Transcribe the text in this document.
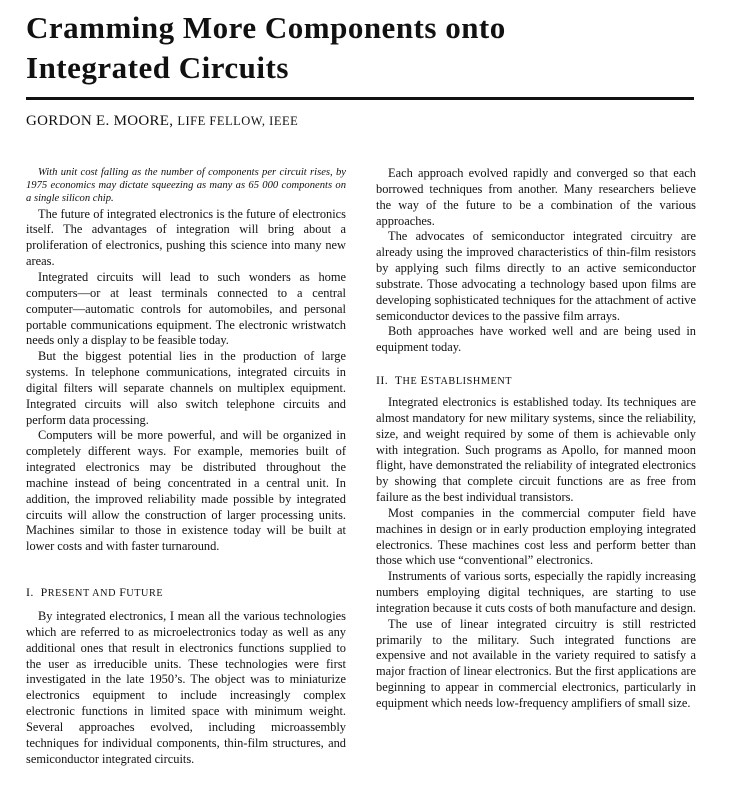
Cramming More Components onto
Integrated Circuits
GORDON E. MOORE, LIFE FELLOW, IEEE

With unit cost falling as the number of components per circuit rises, by 1975 economics may dictate squeezing as many as 65 000 components on a single silicon chip.

The future of integrated electronics is the future of electronics itself. The advantages of integration will bring about a proliferation of electronics, pushing this science into many new areas.

Integrated circuits will lead to such wonders as home computers—or at least terminals connected to a central computer—automatic controls for automobiles, and personal portable communications equipment. The electronic wristwatch needs only a display to be feasible today.

But the biggest potential lies in the production of large systems. In telephone communications, integrated circuits in digital filters will separate channels on multiplex equipment. Integrated circuits will also switch telephone circuits and perform data processing.

Computers will be more powerful, and will be organized in completely different ways. For example, memories built of integrated electronics may be distributed throughout the machine instead of being concentrated in a central unit. In addition, the improved reliability made possible by integrated circuits will allow the construction of larger processing units. Machines similar to those in existence today will be built at lower costs and with faster turnaround.

I. PRESENT AND FUTURE

By integrated electronics, I mean all the various technologies which are referred to as microelectronics today as well as any additional ones that result in electronics functions supplied to the user as irreducible units. These technologies were first investigated in the late 1950’s. The object was to miniaturize electronics equipment to include increasingly complex electronic functions in limited space with minimum weight. Several approaches evolved, including microassembly techniques for individual components, thin-film structures, and semiconductor integrated circuits.

Each approach evolved rapidly and converged so that each borrowed techniques from another. Many researchers believe the way of the future to be a combination of the various approaches.

The advocates of semiconductor integrated circuitry are already using the improved characteristics of thin-film resistors by applying such films directly to an active semiconductor substrate. Those advocating a technology based upon films are developing sophisticated techniques for the attachment of active semiconductor devices to the passive film arrays.

Both approaches have worked well and are being used in equipment today.

II. THE ESTABLISHMENT

Integrated electronics is established today. Its techniques are almost mandatory for new military systems, since the reliability, size, and weight required by some of them is achievable only with integration. Such programs as Apollo, for manned moon flight, have demonstrated the reliability of integrated electronics by showing that complete circuit functions are as free from failure as the best individual transistors.

Most companies in the commercial computer field have machines in design or in early production employing integrated electronics. These machines cost less and perform better than those which use “conventional” electronics.

Instruments of various sorts, especially the rapidly increasing numbers employing digital techniques, are starting to use integration because it cuts costs of both manufacture and design.

The use of linear integrated circuitry is still restricted primarily to the military. Such integrated functions are expensive and not available in the variety required to satisfy a major fraction of linear electronics. But the first applications are beginning to appear in commercial electronics, particularly in equipment which needs low-frequency amplifiers of small size.
